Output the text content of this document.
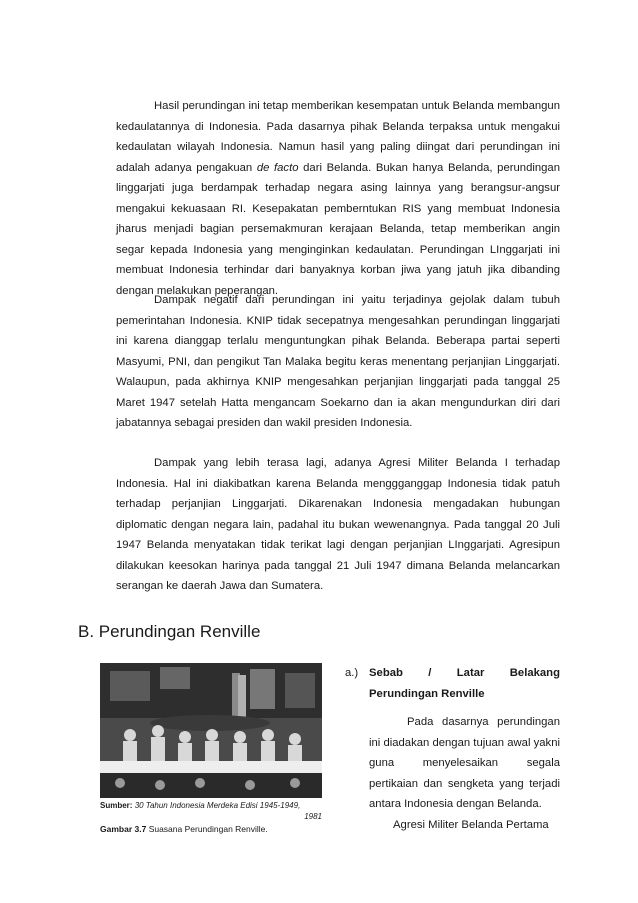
Hasil perundingan ini tetap memberikan kesempatan untuk Belanda membangun kedaulatannya di Indonesia. Pada dasarnya pihak Belanda terpaksa untuk mengakui kedaulatan wilayah Indonesia. Namun hasil yang paling diingat dari perundingan ini adalah adanya pengakuan de facto dari Belanda. Bukan hanya Belanda, perundingan linggarjati juga berdampak terhadap negara asing lainnya yang berangsur-angsur mengakui kekuasaan RI. Kesepakatan pemberntukan RIS yang membuat Indonesia jharus menjadi bagian persemakmuran kerajaan Belanda, tetap memberikan angin segar kepada Indonesia yang menginginkan kedaulatan. Perundingan LInggarjati ini membuat Indonesia terhindar dari banyaknya korban jiwa yang jatuh jika dibanding dengan melakukan peperangan.

Dampak negatif dari perundingan ini yaitu terjadinya gejolak dalam tubuh pemerintahan Indonesia. KNIP tidak secepatnya mengesahkan perundingan linggarjati ini karena dianggap terlalu menguntungkan pihak Belanda. Beberapa partai seperti Masyumi, PNI, dan pengikut Tan Malaka begitu keras menentang perjanjian Linggarjati. Walaupun, pada akhirnya KNIP mengesahkan perjanjian linggarjati pada tanggal 25 Maret 1947 setelah Hatta mengancam Soekarno dan ia akan mengundurkan diri dari jabatannya sebagai presiden dan wakil presiden Indonesia.

Dampak yang lebih terasa lagi, adanya Agresi Militer Belanda I terhadap Indonesia. Hal ini diakibatkan karena Belanda menggganggap Indonesia tidak patuh terhadap perjanjian Linggarjati. Dikarenakan Indonesia mengadakan hubungan diplomatic dengan negara lain, padahal itu bukan wewenangnya. Pada tanggal 20 Juli 1947 Belanda menyatakan tidak terikat lagi dengan perjanjian LInggarjati. Agresipun dilakukan keesokan harinya pada tanggal 21 Juli 1947 dimana Belanda melancarkan serangan ke daerah Jawa dan Sumatera.

B. Perundingan Renville
Sumber: 30 Tahun Indonesia Merdeka Edisi 1945-1949,
1981
Gambar 3.7 Suasana Perundingan Renville.
a.) Sebab / Latar Belakang
Perundingan Renville

Pada dasarnya perundingan ini diadakan dengan tujuan awal yakni guna menyelesaikan segala pertikaian dan sengketa yang terjadi antara Indonesia dengan Belanda.

Agresi Militer Belanda Pertama
